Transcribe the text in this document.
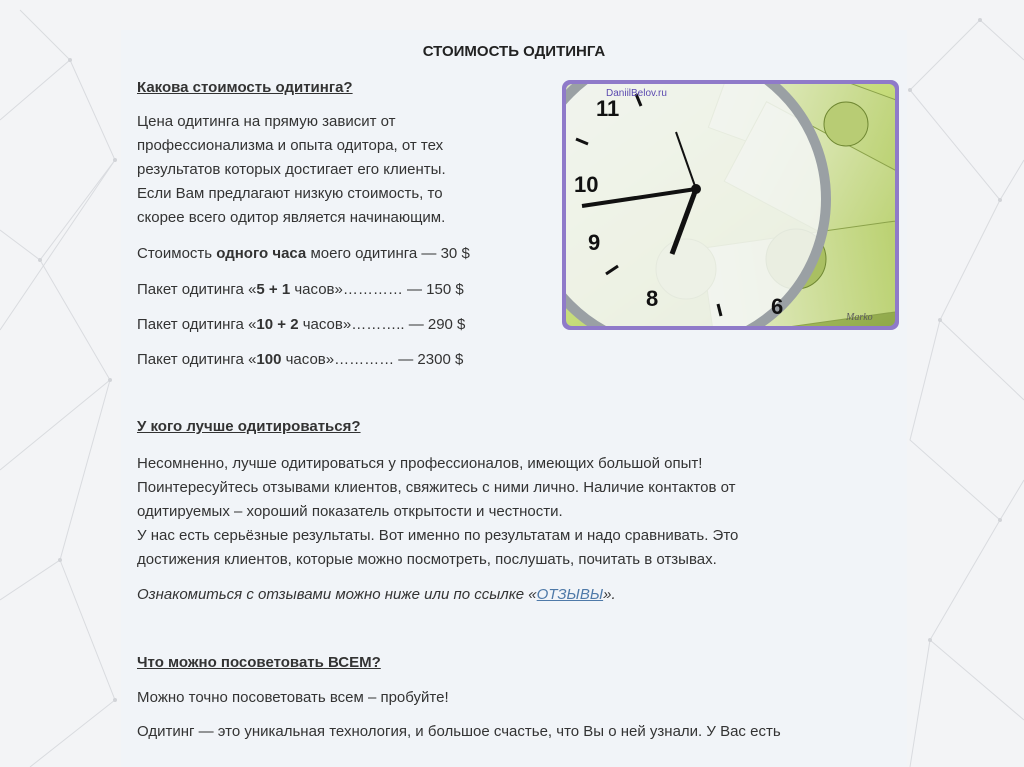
СТОИМОСТЬ ОДИТИНГА
Какова стоимость одитинга?
Цена одитинга на прямую зависит от
профессионализма и опыта одитора, от тех
результатов которых достигает его клиенты.
Если Вам предлагают низкую стоимость, то
скорее всего одитор является начинающим.
Стоимость одного часа моего одитинга — 30 $
Пакет одитинга «5 + 1 часов»………… — 150 $
Пакет одитинга «10 + 2 часов»……….. — 290 $
Пакет одитинга «100 часов»………… — 2300 $
11
10
9
8	6
DaniilBelov.ru
Marko
У кого лучше одитироваться?
Несомненно, лучше одитироваться у профессионалов, имеющих большой опыт!
Поинтересуйтесь отзывами клиентов, свяжитесь с ними лично. Наличие контактов от
одитируемых – хороший показатель открытости и честности.
У нас есть серьёзные результаты. Вот именно по результатам и надо сравнивать. Это
достижения клиентов, которые можно посмотреть, послушать, почитать в отзывах.
Ознакомиться с отзывами можно ниже или по ссылке «ОТЗЫВЫ».
Что можно посоветовать ВСЕМ?
Можно точно посоветовать всем – пробуйте!
Одитинг — это уникальная технология, и большое счастье, что Вы о ней узнали. У Вас есть
